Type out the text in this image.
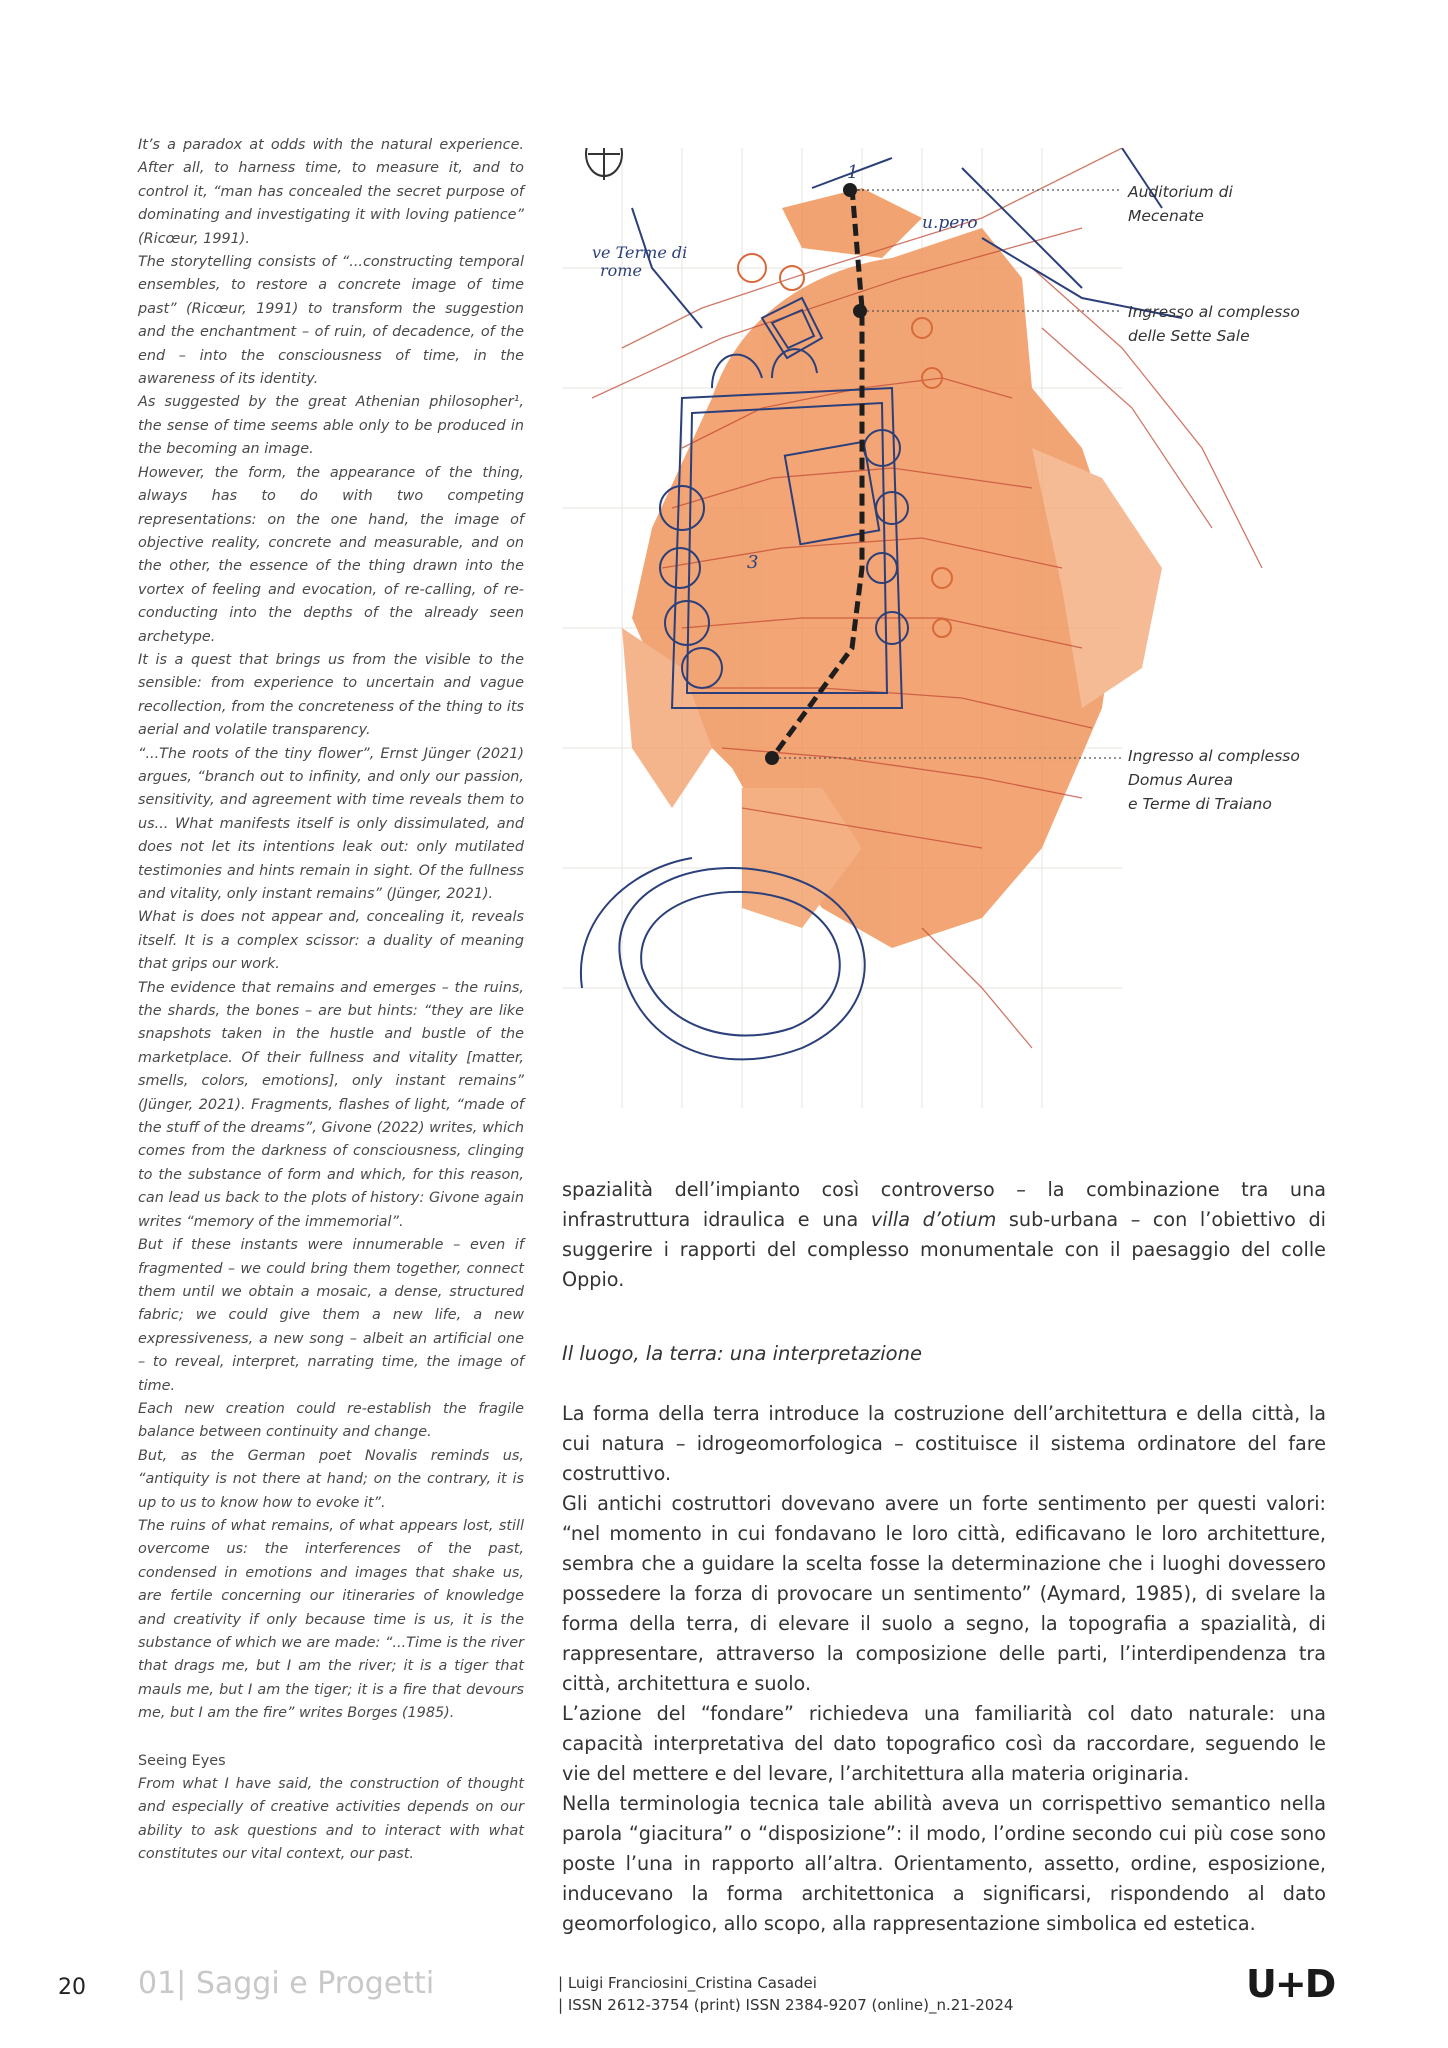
It’s a paradox at odds with the natural experience. After all, to harness time, to measure it, and to control it, “man has concealed the secret purpose of dominating and investigating it with loving patience” (Ricœur, 1991).

The storytelling consists of “...constructing temporal ensembles, to restore a concrete image of time past” (Ricœur, 1991) to transform the suggestion and the enchantment – of ruin, of decadence, of the end – into the consciousness of time, in the awareness of its identity.

As suggested by the great Athenian philosopher¹, the sense of time seems able only to be produced in the becoming an image.

However, the form, the appearance of the thing, always has to do with two competing representations: on the one hand, the image of objective reality, concrete and measurable, and on the other, the essence of the thing drawn into the vortex of feeling and evocation, of re-calling, of re-conducting into the depths of the already seen archetype.

It is a quest that brings us from the visible to the sensible: from experience to uncertain and vague recollection, from the concreteness of the thing to its aerial and volatile transparency.

“...The roots of the tiny flower”, Ernst Jünger (2021) argues, “branch out to infinity, and only our passion, sensitivity, and agreement with time reveals them to us... What manifests itself is only dissimulated, and does not let its intentions leak out: only mutilated testimonies and hints remain in sight. Of the fullness and vitality, only instant remains” (Jünger, 2021).

What is does not appear and, concealing it, reveals itself. It is a complex scissor: a duality of meaning that grips our work.

The evidence that remains and emerges – the ruins, the shards, the bones – are but hints: “they are like snapshots taken in the hustle and bustle of the marketplace. Of their fullness and vitality [matter, smells, colors, emotions], only instant remains” (Jünger, 2021). Fragments, flashes of light, “made of the stuff of the dreams”, Givone (2022) writes, which comes from the darkness of consciousness, clinging to the substance of form and which, for this reason, can lead us back to the plots of history: Givone again writes “memory of the immemorial”.

But if these instants were innumerable – even if fragmented – we could bring them together, connect them until we obtain a mosaic, a dense, structured fabric; we could give them a new life, a new expressiveness, a new song – albeit an artificial one – to reveal, interpret, narrating time, the image of time.

Each new creation could re-establish the fragile balance between continuity and change.

But, as the German poet Novalis reminds us, “antiquity is not there at hand; on the contrary, it is up to us to know how to evoke it”.

The ruins of what remains, of what appears lost, still overcome us: the interferences of the past, condensed in emotions and images that shake us, are fertile concerning our itineraries of knowledge and creativity if only because time is us, it is the substance of which we are made: “...Time is the river that drags me, but I am the river; it is a tiger that mauls me, but I am the tiger; it is a fire that devours me, but I am the fire” writes Borges (1985).

Seeing Eyes

From what I have said, the construction of thought and especially of creative activities depends on our ability to ask questions and to interact with what constitutes our vital context, our past.

1
3
u.pero
ve Terme di
rome
Auditorium di
Mecenate
Ingresso al complesso
delle Sette Sale
Ingresso al complesso
Domus Aurea
e Terme di Traiano

spazialità dell’impianto così controverso – la combinazione tra una infrastruttura idraulica e una villa d’otium sub-urbana – con l’obiettivo di suggerire i rapporti del complesso monumentale con il paesaggio del colle Oppio.

Il luogo, la terra: una interpretazione

La forma della terra introduce la costruzione dell’architettura e della città, la cui natura – idrogeomorfologica – costituisce il sistema ordinatore del fare costruttivo.

Gli antichi costruttori dovevano avere un forte sentimento per questi valori: “nel momento in cui fondavano le loro città, edificavano le loro architetture, sembra che a guidare la scelta fosse la determinazione che i luoghi dovessero possedere la forza di provocare un sentimento” (Aymard, 1985), di svelare la forma della terra, di elevare il suolo a segno, la topografia a spazialità, di rappresentare, attraverso la composizione delle parti, l’interdipendenza tra città, architettura e suolo.

L’azione del “fondare” richiedeva una familiarità col dato naturale: una capacità interpretativa del dato topografico così da raccordare, seguendo le vie del mettere e del levare, l’architettura alla materia originaria.

Nella terminologia tecnica tale abilità aveva un corrispettivo semantico nella parola “giacitura” o “disposizione”: il modo, l’ordine secondo cui più cose sono poste l’una in rapporto all’altra. Orientamento, assetto, ordine, esposizione, inducevano la forma architettonica a significarsi, rispondendo al dato geomorfologico, allo scopo, alla rappresentazione simbolica ed estetica.

20 01| Saggi e Progetti	| Luigi Franciosini_Cristina Casadei
| ISSN 2612-3754 (print) ISSN 2384-9207 (online)_n.21-2024	U+D
